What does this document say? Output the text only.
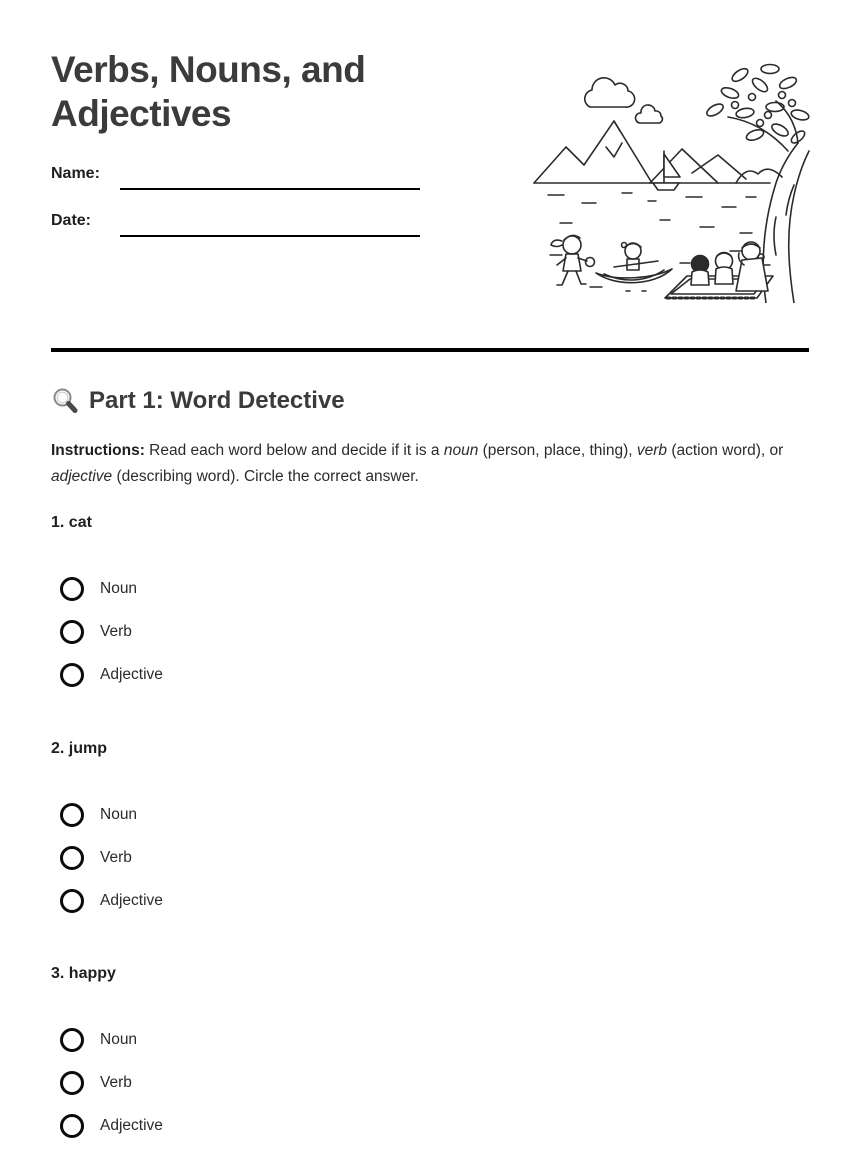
Verbs, Nouns, and Adjectives
Name:
Date:
Part 1: Word Detective

Instructions: Read each word below and decide if it is a noun (person, place, thing), verb (action word), or adjective (describing word). Circle the correct answer.

1. cat
Noun
Verb
Adjective
2. jump
Noun
Verb
Adjective
3. happy
Noun
Verb
Adjective
